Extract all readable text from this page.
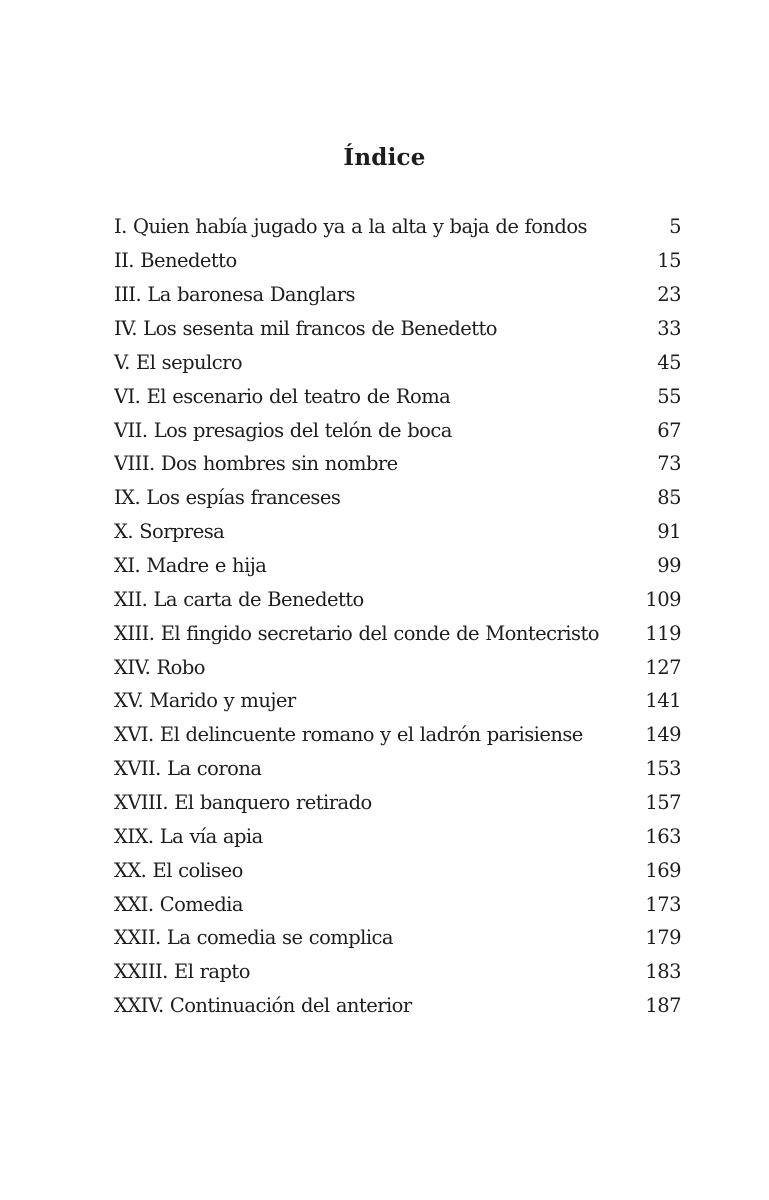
Índice
I. Quien había jugado ya a la alta y baja de fondos	5
II. Benedetto	15
III. La baronesa Danglars	23
IV. Los sesenta mil francos de Benedetto	33
V. El sepulcro	45
VI. El escenario del teatro de Roma	55
VII. Los presagios del telón de boca	67
VIII. Dos hombres sin nombre	73
IX. Los espías franceses	85
X. Sorpresa	91
XI. Madre e hija	99
XII. La carta de Benedetto	109
XIII. El fingido secretario del conde de Montecristo	119
XIV. Robo	127
XV. Marido y mujer	141
XVI. El delincuente romano y el ladrón parisiense	149
XVII. La corona	153
XVIII. El banquero retirado	157
XIX. La vía apia	163
XX. El coliseo	169
XXI. Comedia	173
XXII. La comedia se complica	179
XXIII. El rapto	183
XXIV. Continuación del anterior	187
